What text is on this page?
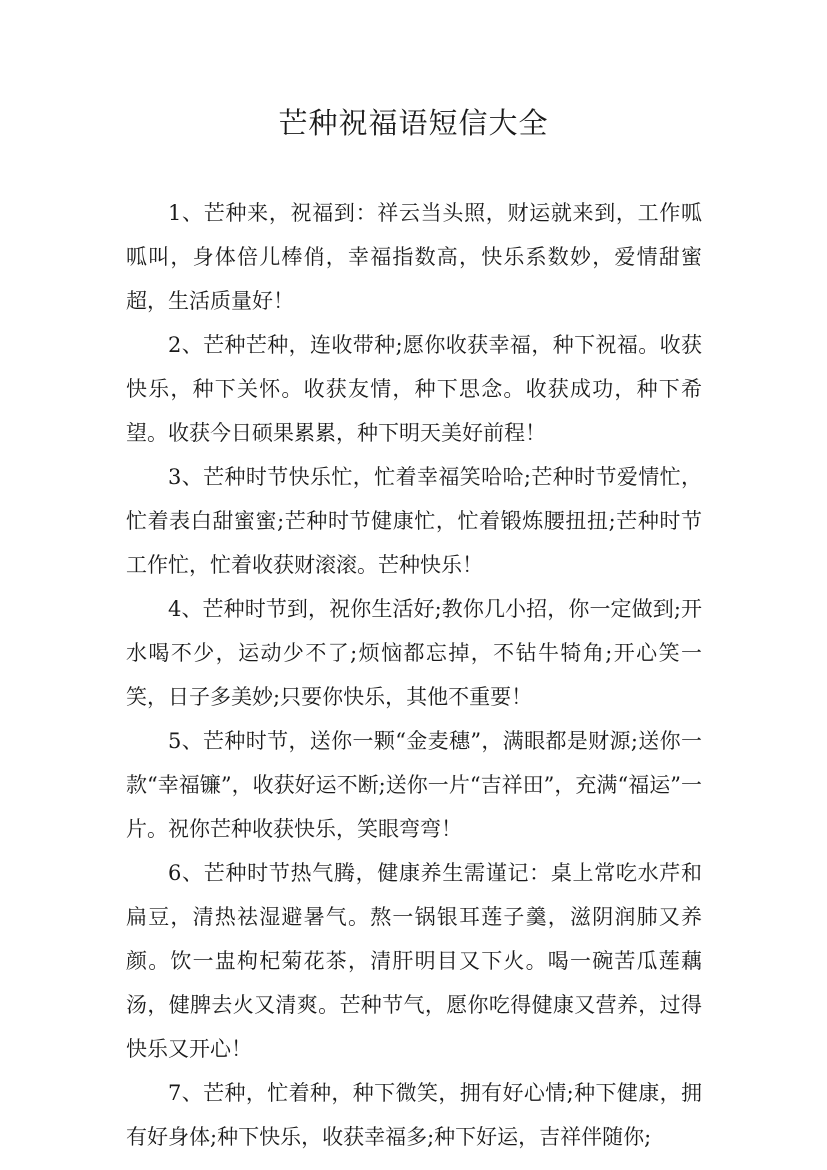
芒种祝福语短信大全

1、芒种来，祝福到：祥云当头照，财运就来到，工作呱呱叫，身体倍儿棒俏，幸福指数高，快乐系数妙，爱情甜蜜超，生活质量好！

2、芒种芒种，连收带种;愿你收获幸福，种下祝福。收获快乐，种下关怀。收获友情，种下思念。收获成功，种下希望。收获今日硕果累累，种下明天美好前程！

3、芒种时节快乐忙，忙着幸福笑哈哈;芒种时节爱情忙，忙着表白甜蜜蜜;芒种时节健康忙，忙着锻炼腰扭扭;芒种时节工作忙，忙着收获财滚滚。芒种快乐！

4、芒种时节到，祝你生活好;教你几小招，你一定做到;开水喝不少，运动少不了;烦恼都忘掉，不钻牛犄角;开心笑一笑，日子多美妙;只要你快乐，其他不重要！

5、芒种时节，送你一颗“金麦穗”，满眼都是财源;送你一款“幸福镰”，收获好运不断;送你一片“吉祥田”，充满“福运”一片。祝你芒种收获快乐，笑眼弯弯！

6、芒种时节热气腾，健康养生需谨记：桌上常吃水芹和扁豆，清热祛湿避暑气。熬一锅银耳莲子羹，滋阴润肺又养颜。饮一盅枸杞菊花茶，清肝明目又下火。喝一碗苦瓜莲藕汤，健脾去火又清爽。芒种节气，愿你吃得健康又营养，过得快乐又开心！

7、芒种，忙着种，种下微笑，拥有好心情;种下健康，拥有好身体;种下快乐，收获幸福多;种下好运，吉祥伴随你;
